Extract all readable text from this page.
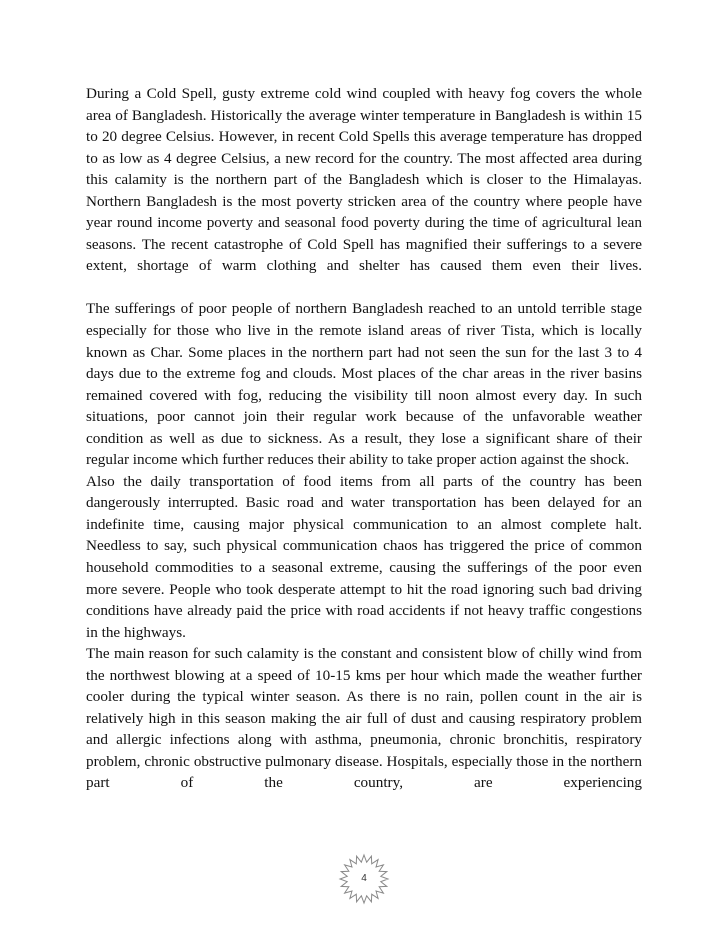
During a Cold Spell, gusty extreme cold wind coupled with heavy fog covers the whole area of Bangladesh. Historically the average winter temperature in Bangladesh is within 15 to 20 degree Celsius. However, in recent Cold Spells this average temperature has dropped to as low as 4 degree Celsius, a new record for the country. The most affected area during this calamity is the northern part of the Bangladesh which is closer to the Himalayas. Northern Bangladesh is the most poverty stricken area of the country where people have year round income poverty and seasonal food poverty during the time of agricultural lean seasons. The recent catastrophe of Cold Spell has magnified their sufferings to a severe extent, shortage of warm clothing and shelter has caused them even their lives.

The sufferings of poor people of northern Bangladesh reached to an untold terrible stage especially for those who live in the remote island areas of river Tista, which is locally known as Char. Some places in the northern part had not seen the sun for the last 3 to 4 days due to the extreme fog and clouds. Most places of the char areas in the river basins remained covered with fog, reducing the visibility till noon almost every day. In such situations, poor cannot join their regular work because of the unfavorable weather condition as well as due to sickness. As a result, they lose a significant share of their regular income which further reduces their ability to take proper action against the shock.

Also the daily transportation of food items from all parts of the country has been dangerously interrupted. Basic road and water transportation has been delayed for an indefinite time, causing major physical communication to an almost complete halt. Needless to say, such physical communication chaos has triggered the price of common household commodities to a seasonal extreme, causing the sufferings of the poor even more severe. People who took desperate attempt to hit the road ignoring such bad driving conditions have already paid the price with road accidents if not heavy traffic congestions in the highways.

The main reason for such calamity is the constant and consistent blow of chilly wind from the northwest blowing at a speed of 10-15 kms per hour which made the weather further cooler during the typical winter season. As there is no rain, pollen count in the air is relatively high in this season making the air full of dust and causing respiratory problem and allergic infections along with asthma, pneumonia, chronic bronchitis, respiratory problem, chronic obstructive pulmonary disease. Hospitals, especially those in the northern part of the country, are experiencing

4
